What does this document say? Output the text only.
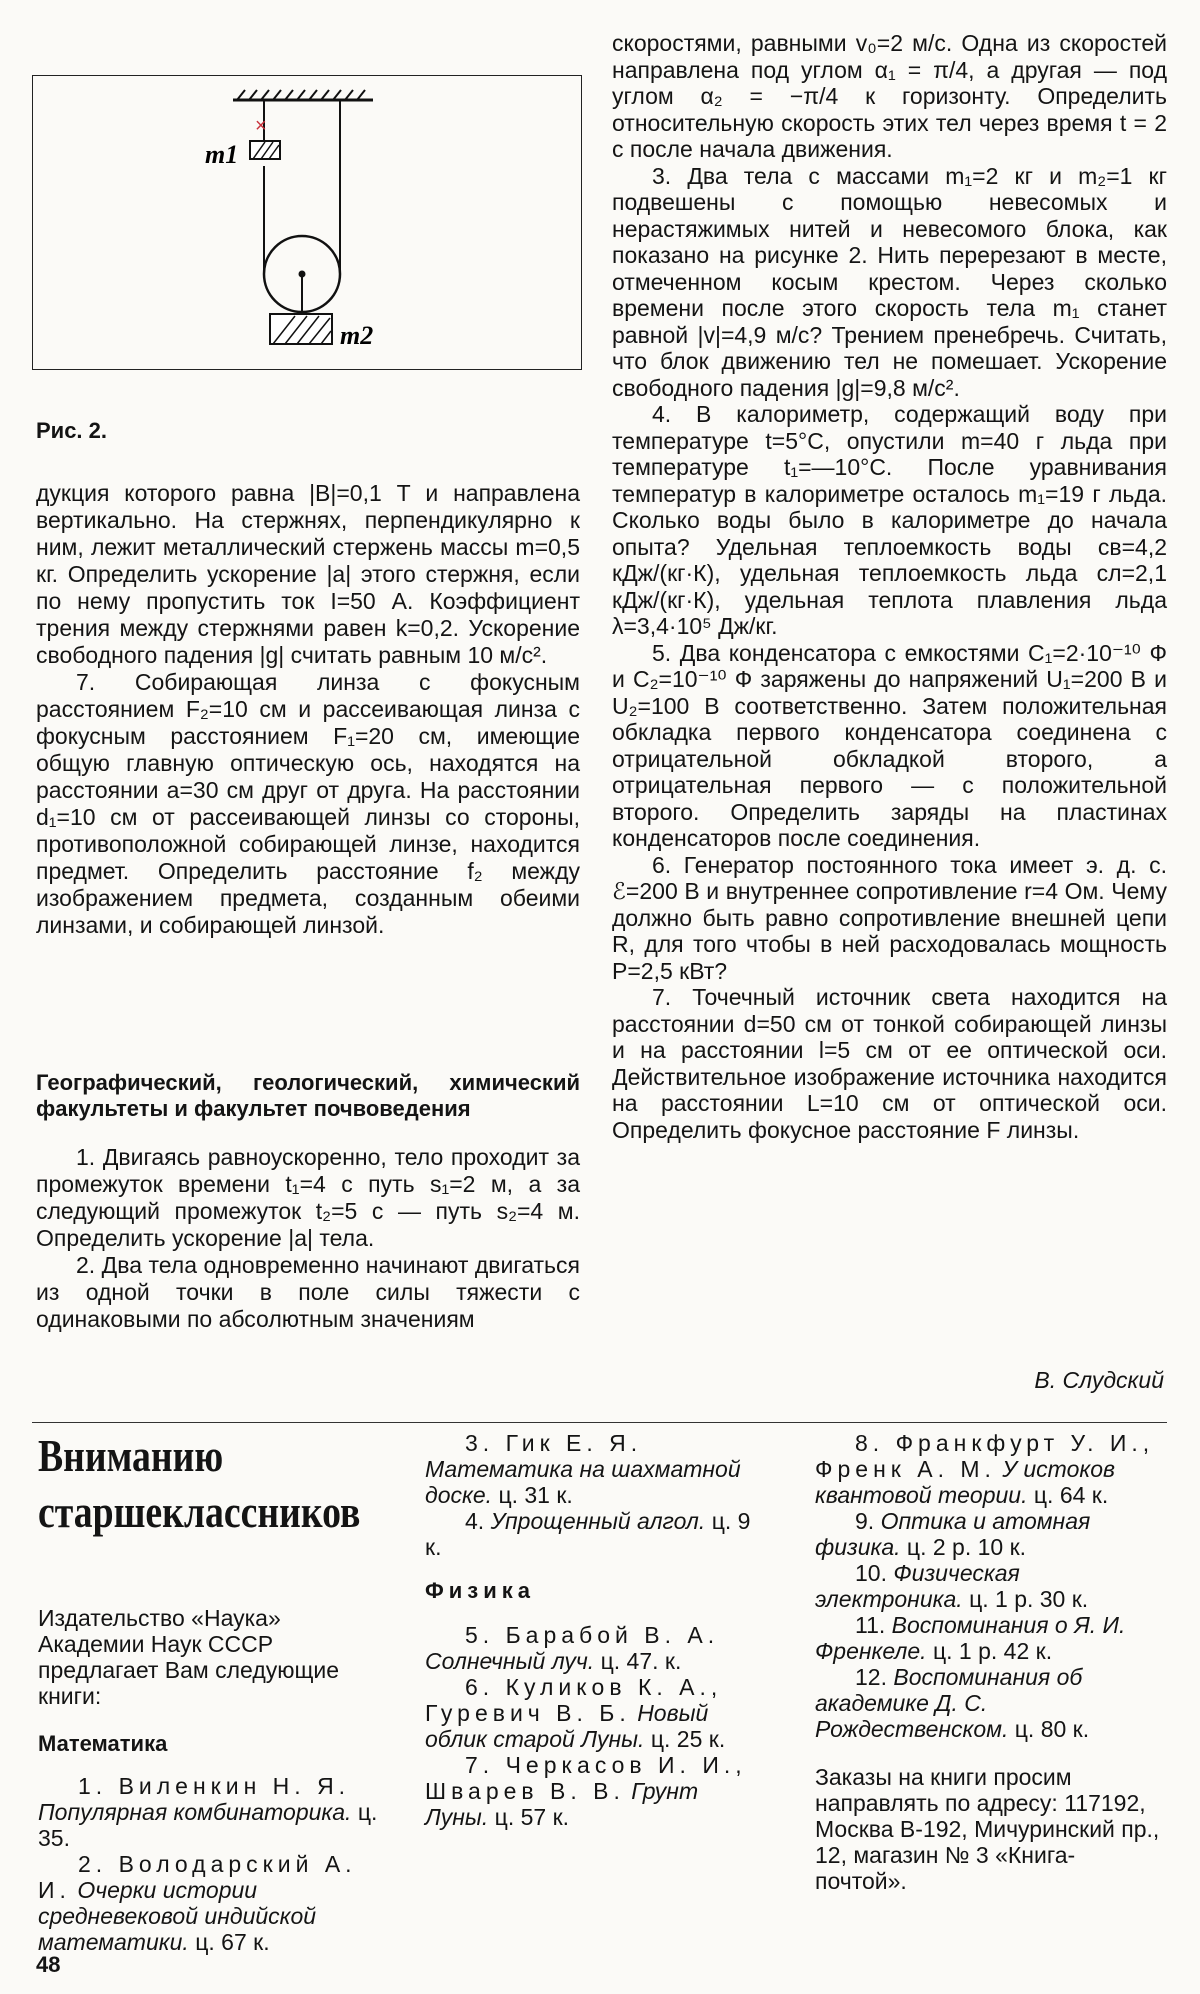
×
m1
m2
Рис. 2.

дукция которого равна |B|=0,1 Т и направлена вертикально. На стержнях, перпендикулярно к ним, лежит металлический стержень массы m=0,5 кг. Определить ускорение |a| этого стержня, если по нему пропустить ток I=50 А. Коэффициент трения между стержнями равен k=0,2. Ускорение свободного падения |g| считать равным 10 м/с².

7. Собирающая линза с фокусным расстоянием F₂=10 см и рассеивающая линза с фокусным расстоянием F₁=20 см, имеющие общую главную оптическую ось, находятся на расстоянии a=30 см друг от друга. На расстоянии d₁=10 см от рассеивающей линзы со стороны, противоположной собирающей линзе, находится предмет. Определить расстояние f₂ между изображением предмета, созданным обеими линзами, и собирающей линзой.

Географический, геологический, химический факультеты и факультет почвоведения

1. Двигаясь равноускоренно, тело проходит за промежуток времени t₁=4 с путь s₁=2 м, а за следующий промежуток t₂=5 с — путь s₂=4 м. Определить ускорение |a| тела.

2. Два тела одновременно начинают двигаться из одной точки в поле силы тяжести с одинаковыми по абсолютным значениям

скоростями, равными v₀=2 м/с. Одна из скоростей направлена под углом α₁ = π/4, а другая — под углом α₂ = −π/4 к горизонту. Определить относительную скорость этих тел через время t = 2 с после начала движения.

3. Два тела с массами m₁=2 кг и m₂=1 кг подвешены с помощью невесомых и нерастяжимых нитей и невесомого блока, как показано на рисунке 2. Нить перерезают в месте, отмеченном косым крестом. Через сколько времени после этого скорость тела m₁ станет равной |v|=4,9 м/с? Трением пренебречь. Считать, что блок движению тел не помешает. Ускорение свободного падения |g|=9,8 м/с².

4. В калориметр, содержащий воду при температуре t=5°С, опустили m=40 г льда при температуре t₁=—10°С. После уравнивания температур в калориметре осталось m₁=19 г льда. Сколько воды было в калориметре до начала опыта? Удельная теплоемкость воды cв=4,2 кДж/(кг·К), удельная теплоемкость льда cл=2,1 кДж/(кг·К), удельная теплота плавления льда λ=3,4·10⁵ Дж/кг.

5. Два конденсатора с емкостями C₁=2·10⁻¹⁰ Ф и C₂=10⁻¹⁰ Ф заряжены до напряжений U₁=200 В и U₂=100 В соответственно. Затем положительная обкладка первого конденсатора соединена с отрицательной обкладкой второго, а отрицательная первого — с положительной второго. Определить заряды на пластинах конденсаторов после соединения.

6. Генератор постоянного тока имеет э. д. с. ℰ=200 В и внутреннее сопротивление r=4 Ом. Чему должно быть равно сопротивление внешней цепи R, для того чтобы в ней расходовалась мощность P=2,5 кВт?

7. Точечный источник света находится на расстоянии d=50 см от тонкой собирающей линзы и на расстоянии l=5 см от ее оптической оси. Действительное изображение источника находится на расстоянии L=10 см от оптической оси. Определить фокусное расстояние F линзы.

В. Слудский
Вниманию старшеклассников

Издательство «Наука» Академии Наук СССР предлагает Вам следующие книги:

Математика

1. Виленкин Н. Я. Популярная комбинаторика. ц. 35.

2. Володарский А. И. Очерки истории средневековой индийской математики. ц. 67 к.

3. Гик Е. Я. Математика на шахматной доске. ц. 31 к.

4. Упрощенный алгол. ц. 9 к.

Физика

5. Барабой В. А. Солнечный луч. ц. 47. к.

6. Куликов К. А., Гуревич В. Б. Новый облик старой Луны. ц. 25 к.

7. Черкасов И. И., Шварев В. В. Грунт Луны. ц. 57 к.

8. Франкфурт У. И., Френк А. М. У истоков квантовой теории. ц. 64 к.

9. Оптика и атомная физика. ц. 2 р. 10 к.

10. Физическая электроника. ц. 1 р. 30 к.

11. Воспоминания о Я. И. Френкеле. ц. 1 р. 42 к.

12. Воспоминания об академике Д. С. Рождественском. ц. 80 к.

Заказы на книги просим направлять по адресу: 117192, Москва В-192, Мичуринский пр., 12, магазин № 3 «Книга-почтой».

48
